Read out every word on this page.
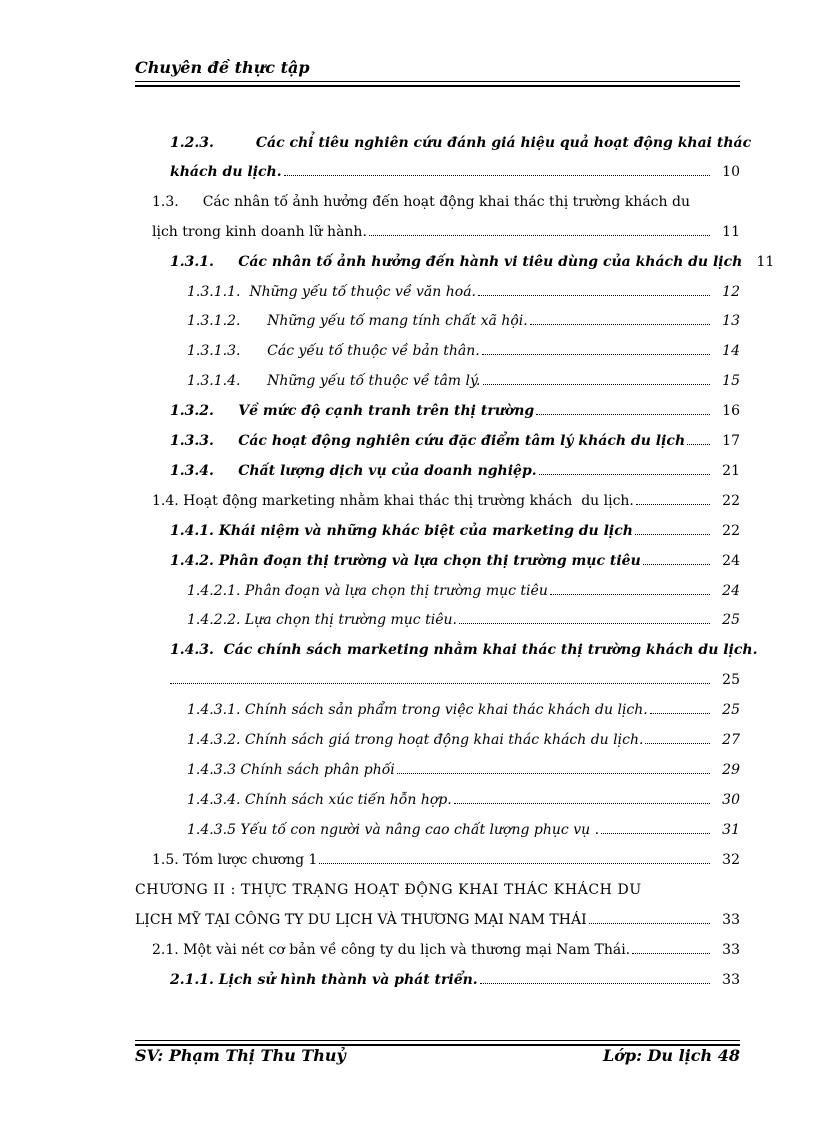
Chuyên đề thực tập
1.2.3.	Các chỉ tiêu nghiên cứu đánh giá hiệu quả hoạt động khai thác
khách du lịch.	10
1.3. Các nhân tố ảnh hưởng đến hoạt động khai thác thị trường khách du
lịch trong kinh doanh lữ hành.	11
1.3.1.     Các nhân tố ảnh hưởng đến hành vi tiêu dùng của khách du lịch	11
1.3.1.1.  Những yếu tố thuộc về văn hoá.	12
1.3.1.2.      Những yếu tố mang tính chất xã hội.	13
1.3.1.3.      Các yếu tố thuộc về bản thân.	14
1.3.1.4.      Những yếu tố thuộc về tâm lý.	15
1.3.2.     Về mức độ cạnh tranh trên thị trường	16
1.3.3.     Các hoạt động nghiên cứu đặc điểm tâm lý khách du lịch	17
1.3.4.     Chất lượng dịch vụ của doanh nghiệp.	21
1.4. Hoạt động marketing nhằm khai thác thị trường khách  du lịch.	22
1.4.1. Khái niệm và những khác biệt của marketing du lịch	22
1.4.2. Phân đoạn thị trường và lựa chọn thị trường mục tiêu	24
1.4.2.1. Phân đoạn và lựa chọn thị trường mục tiêu	24
1.4.2.2. Lựa chọn thị trường mục tiêu.	25
1.4.3.  Các chính sách marketing nhằm khai thác thị trường khách du lịch.
25
1.4.3.1. Chính sách sản phẩm trong việc khai thác khách du lịch.	25
1.4.3.2. Chính sách giá trong hoạt động khai thác khách du lịch.	27
1.4.3.3 Chính sách phân phối	29
1.4.3.4. Chính sách xúc tiến hỗn hợp.	30
1.4.3.5 Yếu tố con người và nâng cao chất lượng phục vụ .	31
1.5. Tóm lược chương 1	32
CHƯƠNG II : THỰC TRẠNG HOẠT ĐỘNG KHAI THÁC KHÁCH DU
LỊCH MỸ TẠI CÔNG TY DU LỊCH VÀ THƯƠNG MẠI NAM THÁI	33
2.1. Một vài nét cơ bản về công ty du lịch và thương mại Nam Thái.	33
2.1.1. Lịch sử hình thành và phát triển.	33
SV: Phạm Thị Thu Thuỷ	Lớp: Du lịch 48
